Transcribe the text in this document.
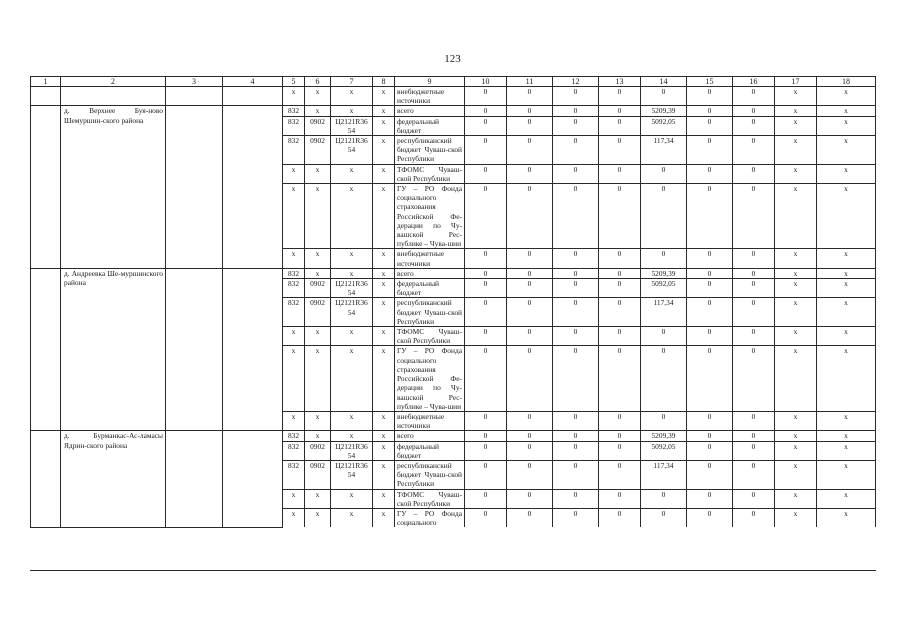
123
1	2	3	4	5	6	7	8	9	10	11	12	13	14	15	16	17	18
				x	x	x	x	внебюджетные источники	0	0	0	0	0	0	0	x	x
	д. Верхнее Буя-ново Шемуршин-ского района			832	x	x	x	всего	0	0	0	0	5209,39	0	0	x	x
				832	0902	Ц2121R36 54	x	федеральный бюджет	0	0	0	0	5092,05	0	0	x	x
				832	0902	Ц2121R36 54	x	республиканский бюджет Чуваш-ской Республики	0	0	0	0	117,34	0	0	x	x
				x	x	x	x	ТФОМС Чуваш-ской Республики	0	0	0	0	0	0	0	x	x
				x	x	x	x	ГУ – РО Фонда социального страхования Российской Фе-дерации по Чу-вашской Рес-публике – Чува-шии	0	0	0	0	0	0	0	x	x
				x	x	x	x	внебюджетные источники	0	0	0	0	0	0	0	x	x
	д. Андреевка Ше-муршинского района			832	x	x	x	всего	0	0	0	0	5209,39	0	0	x	x
				832	0902	Ц2121R36 54	x	федеральный бюджет	0	0	0	0	5092,05	0	0	x	x
				832	0902	Ц2121R36 54	x	республиканский бюджет Чуваш-ской Республики	0	0	0	0	117,34	0	0	x	x
				x	x	x	x	ТФОМС Чуваш-ской Республики	0	0	0	0	0	0	0	x	x
				x	x	x	x	ГУ – РО Фонда социального страхования Российской Фе-дерации по Чу-вашской Рес-публике – Чува-шии	0	0	0	0	0	0	0	x	x
				x	x	x	x	внебюджетные источники	0	0	0	0	0	0	0	x	x
	д. Бурманкас-Ас-ламасы Ядрин-ского района			832	x	x	x	всего	0	0	0	0	5209,39	0	0	x	x
				832	0902	Ц2121R36 54	x	федеральный бюджет	0	0	0	0	5092,05	0	0	x	x
				832	0902	Ц2121R36 54	x	республиканский бюджет Чуваш-ской Республики	0	0	0	0	117,34	0	0	x	x
				x	x	x	x	ТФОМС Чуваш-ской Республики	0	0	0	0	0	0	0	x	x
				x	x	x	x	ГУ – РО Фонда социального	0	0	0	0	0	0	0	x	x
